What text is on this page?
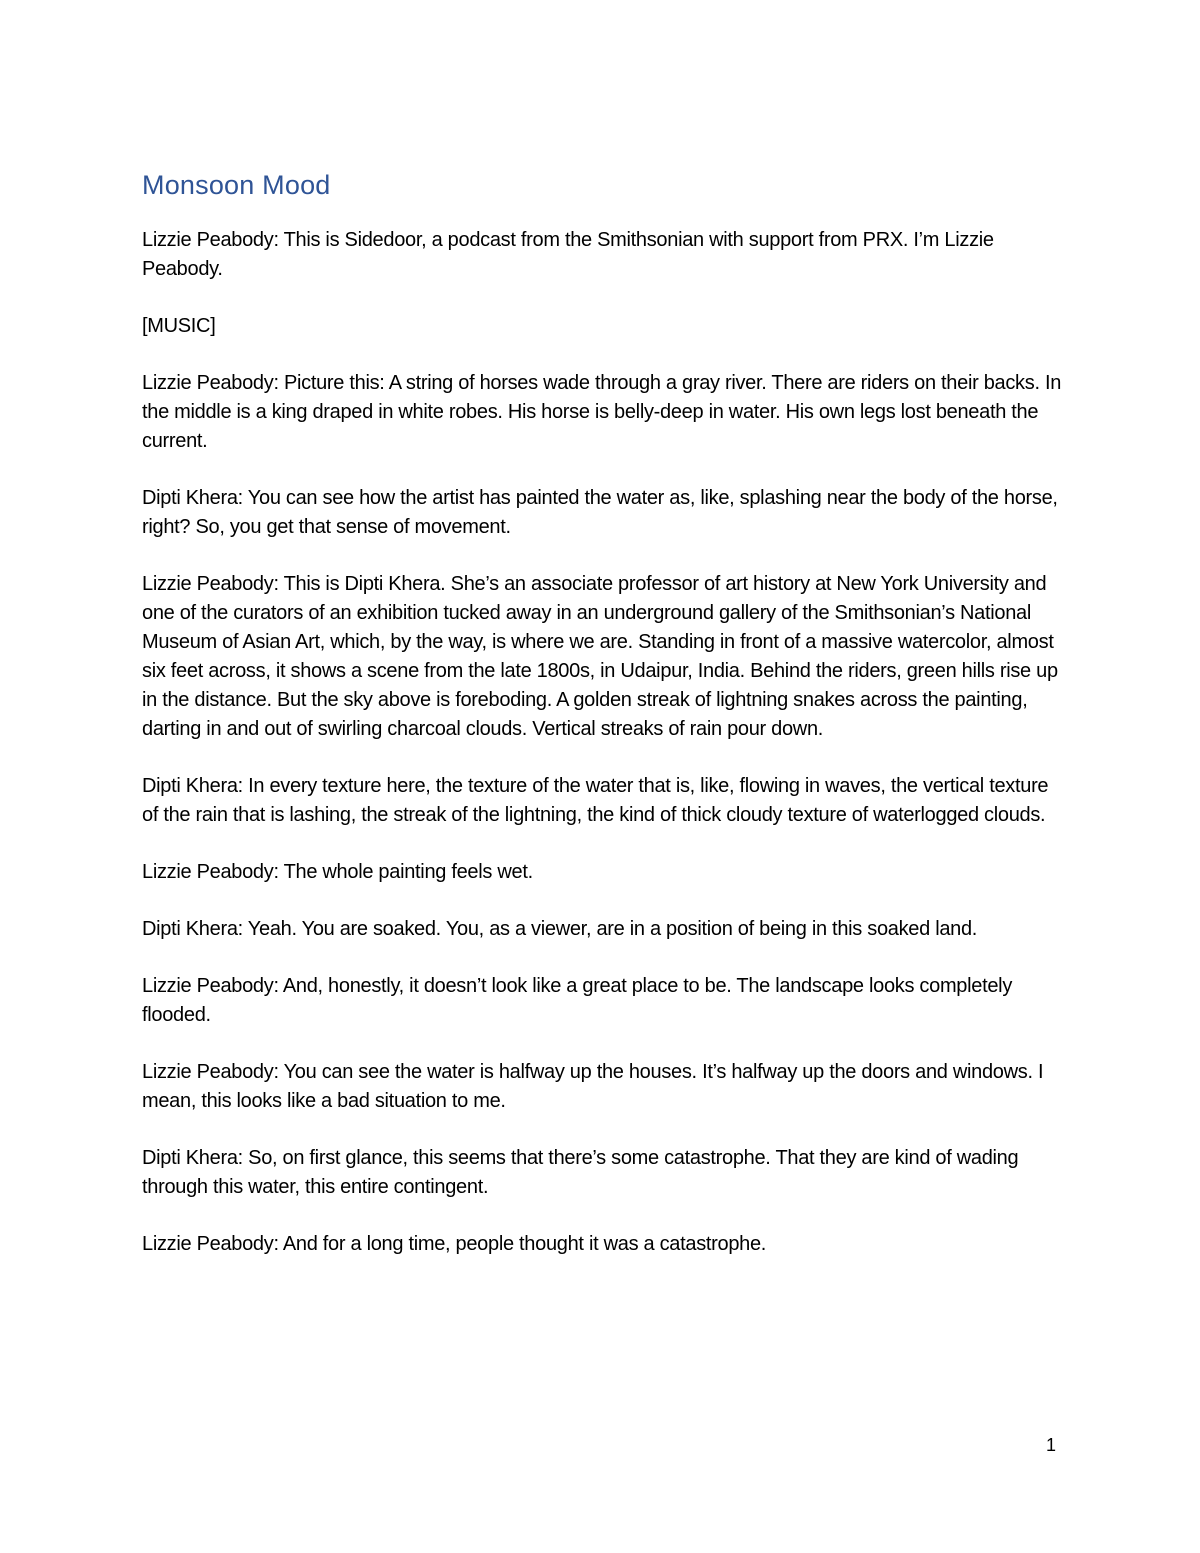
Monsoon Mood

Lizzie Peabody: This is Sidedoor, a podcast from the Smithsonian with support from PRX. I’m Lizzie Peabody.

[MUSIC]

Lizzie Peabody: Picture this: A string of horses wade through a gray river. There are riders on their backs. In the middle is a king draped in white robes. His horse is belly-deep in water. His own legs lost beneath the current.

Dipti Khera: You can see how the artist has painted the water as, like, splashing near the body of the horse, right? So, you get that sense of movement.

Lizzie Peabody: This is Dipti Khera. She’s an associate professor of art history at New York University and one of the curators of an exhibition tucked away in an underground gallery of the Smithsonian’s National Museum of Asian Art, which, by the way, is where we are. Standing in front of a massive watercolor, almost six feet across, it shows a scene from the late 1800s, in Udaipur, India. Behind the riders, green hills rise up in the distance. But the sky above is foreboding. A golden streak of lightning snakes across the painting, darting in and out of swirling charcoal clouds. Vertical streaks of rain pour down.

Dipti Khera: In every texture here, the texture of the water that is, like, flowing in waves, the vertical texture of the rain that is lashing, the streak of the lightning, the kind of thick cloudy texture of waterlogged clouds.

Lizzie Peabody: The whole painting feels wet.

Dipti Khera: Yeah. You are soaked. You, as a viewer, are in a position of being in this soaked land.

Lizzie Peabody: And, honestly, it doesn’t look like a great place to be. The landscape looks completely flooded.

Lizzie Peabody: You can see the water is halfway up the houses. It’s halfway up the doors and windows. I mean, this looks like a bad situation to me.

Dipti Khera: So, on first glance, this seems that there’s some catastrophe. That they are kind of wading through this water, this entire contingent.

Lizzie Peabody: And for a long time, people thought it was a catastrophe.

1
